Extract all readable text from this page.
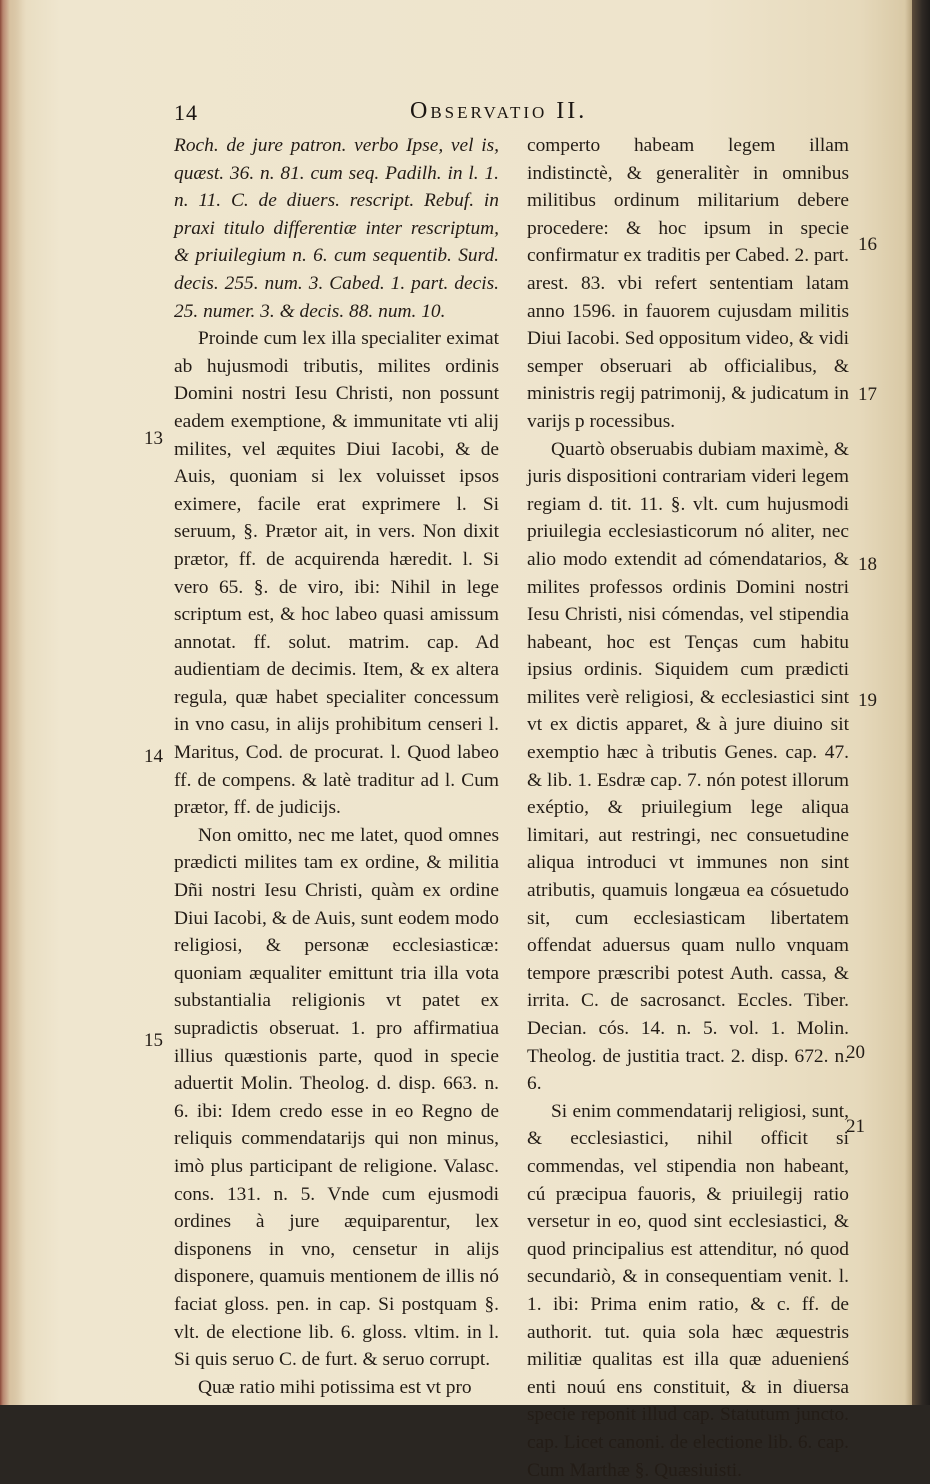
14	Observatio II.

Roch. de jure patron. verbo Ipse, vel is, quæst. 36. n. 81. cum seq. Padilh. in l. 1. n. 11. C. de diuers. rescript. Rebuf. in praxi titulo differentiæ inter rescriptum, & priuilegium n. 6. cum sequentib. Surd. decis. 255. num. 3. Cabed. 1. part. decis. 25. numer. 3. & decis. 88. num. 10.

Proinde cum lex illa specialiter eximat ab hujusmodi tributis, milites ordinis Domini nostri Iesu Christi, non possunt eadem exemptione, & immunitate vti alij milites, vel æquites Diui Iacobi, & de Auis, quoniam si lex voluisset ipsos eximere, facile erat exprimere l. Si seruum, §. Prætor ait, in vers. Non dixit prætor, ff. de acquirenda hæredit. l. Si vero 65. §. de viro, ibi: Nihil in lege scriptum est, & hoc labeo quasi amissum annotat. ff. solut. matrim. cap. Ad audientiam de decimis. Item, & ex altera regula, quæ habet specialiter concessum in vno casu, in alijs prohibitum censeri l. Maritus, Cod. de procurat. l. Quod labeo ff. de compens. & latè traditur ad l. Cum prætor, ff. de judicijs.

Non omitto, nec me latet, quod omnes prædicti milites tam ex ordine, & militia Dñi nostri Iesu Christi, quàm ex ordine Diui Iacobi, & de Auis, sunt eodem modo religiosi, & personæ ecclesiasticæ: quoniam æqualiter emittunt tria illa vota substantialia religionis vt patet ex supradictis obseruat. 1. pro affirmatiua illius quæstionis parte, quod in specie aduertit Molin. Theolog. d. disp. 663. n. 6. ibi: Idem credo esse in eo Regno de reliquis commendatarijs qui non minus, imò plus participant de religione. Valasc. cons. 131. n. 5. Vnde cum ejusmodi ordines à jure æquiparentur, lex disponens in vno, censetur in alijs disponere, quamuis mentionem de illis nó faciat gloss. pen. in cap. Si postquam §. vlt. de electione lib. 6. gloss. vltim. in l. Si quis seruo C. de furt. & seruo corrupt.

Quæ ratio mihi potissima est vt pro

comperto habeam legem illam indistinctè, & generalitèr in omnibus militibus ordinum militarium debere procedere: & hoc ipsum in specie confirmatur ex traditis per Cabed. 2. part. arest. 83. vbi refert sententiam latam anno 1596. in fauorem cujusdam militis Diui Iacobi. Sed oppositum video, & vidi semper obseruari ab officialibus, & ministris regij patrimonij, & judicatum in varijs p rocessibus.

Quartò obseruabis dubiam maximè, & juris dispositioni contrariam videri legem regiam d. tit. 11. §. vlt. cum hujusmodi priuilegia ecclesiasticorum nó aliter, nec alio modo extendit ad cómendatarios, & milites professos ordinis Domini nostri Iesu Christi, nisi cómendas, vel stipendia habeant, hoc est Tenças cum habitu ipsius ordinis. Siquidem cum prædicti milites verè religiosi, & ecclesiastici sint vt ex dictis apparet, & à jure diuino sit exemptio hæc à tributis Genes. cap. 47. & lib. 1. Esdræ cap. 7. nón potest illorum exéptio, & priuilegium lege aliqua limitari, aut restringi, nec consuetudine aliqua introduci vt immunes non sint atributis, quamuis longæua ea cósuetudo sit, cum ecclesiasticam libertatem offendat aduersus quam nullo vnquam tempore præscribi potest Auth. cassa, & irrita. C. de sacrosanct. Eccles. Tiber. Decian. cós. 14. n. 5. vol. 1. Molin. Theolog. de justitia tract. 2. disp. 672. n. 6.

Si enim commendatarij religiosi, sunt, & ecclesiastici, nihil officit si commendas, vel stipendia non habeant, cú præcipua fauoris, & priuilegij ratio versetur in eo, quod sint ecclesiastici, & quod principalius est attenditur, nó quod secundariò, & in consequentiam venit. l. 1. ibi: Prima enim ratio, & c. ff. de authorit. tut. quia sola hæc æquestris militiæ qualitas est illa quæ aduenienś enti nouú ens constituit, & in diuersa specie reponit illud cap. Statutum juncto. cap. Licet canoni. de electione lib. 6. cap. Cum Marthæ §. Quæsiuisti.

13
14
15
16
17
18
19
20
21
